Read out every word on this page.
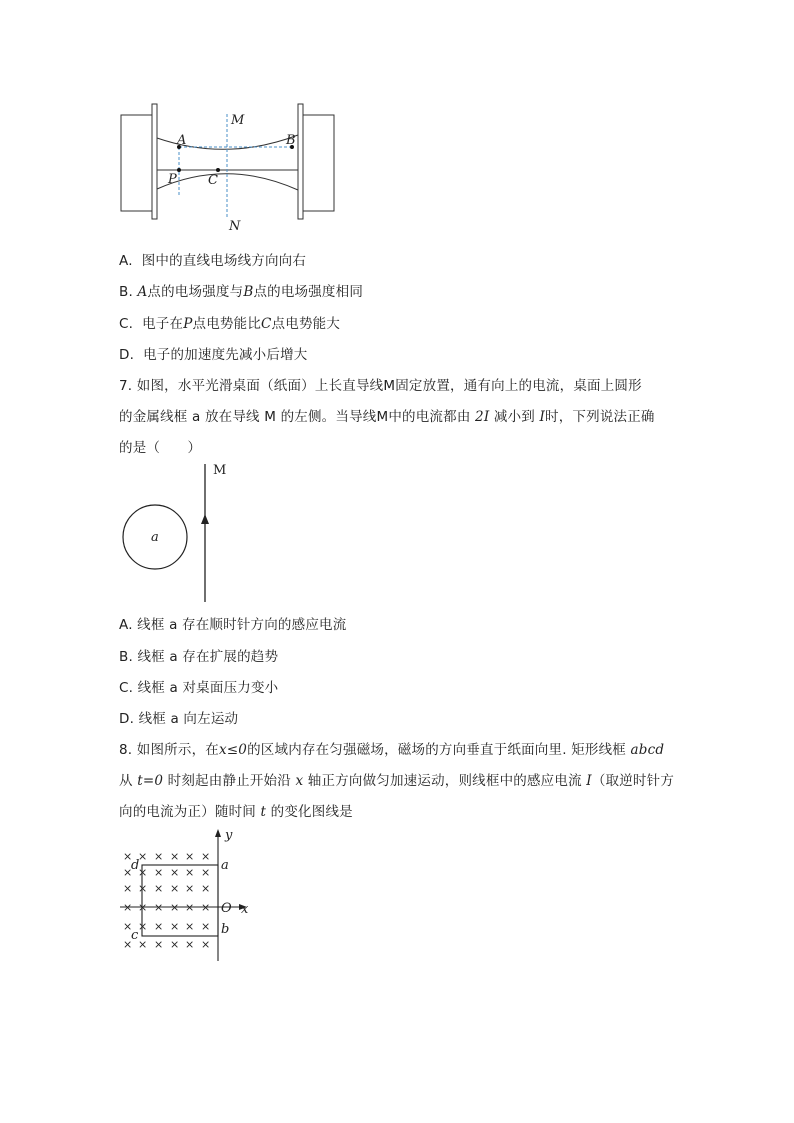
M
N
A	B
P C
A. 图中的直线电场线方向向右
B. A点的电场强度与B点的电场强度相同
C. 电子在P点电势能比C点电势能大
D. 电子的加速度先减小后增大
7. 如图，水平光滑桌面（纸面）上长直导线M固定放置，通有向上的电流，桌面上圆形
的金属线框 a 放在导线 M 的左侧。当导线M中的电流都由 2I 减小到 I时，下列说法正确
的是（　　）
M
a
A. 线框 a 存在顺时针方向的感应电流
B. 线框 a 存在扩展的趋势
C. 线框 a 对桌面压力变小
D. 线框 a 向左运动
8. 如图所示，在x≤0的区域内存在匀强磁场，磁场的方向垂直于纸面向里. 矩形线框 abcd
从 t=0 时刻起由静止开始沿 x 轴正方向做匀加速运动，则线框中的感应电流 I（取逆时针方
向的电流为正）随时间 t 的变化图线是
× × × × × ×
× × × × × ×
× × × × × ×
× × × × × ×
× × × × × ×
× × × × × ×
y
x
O
a
b
c
d
